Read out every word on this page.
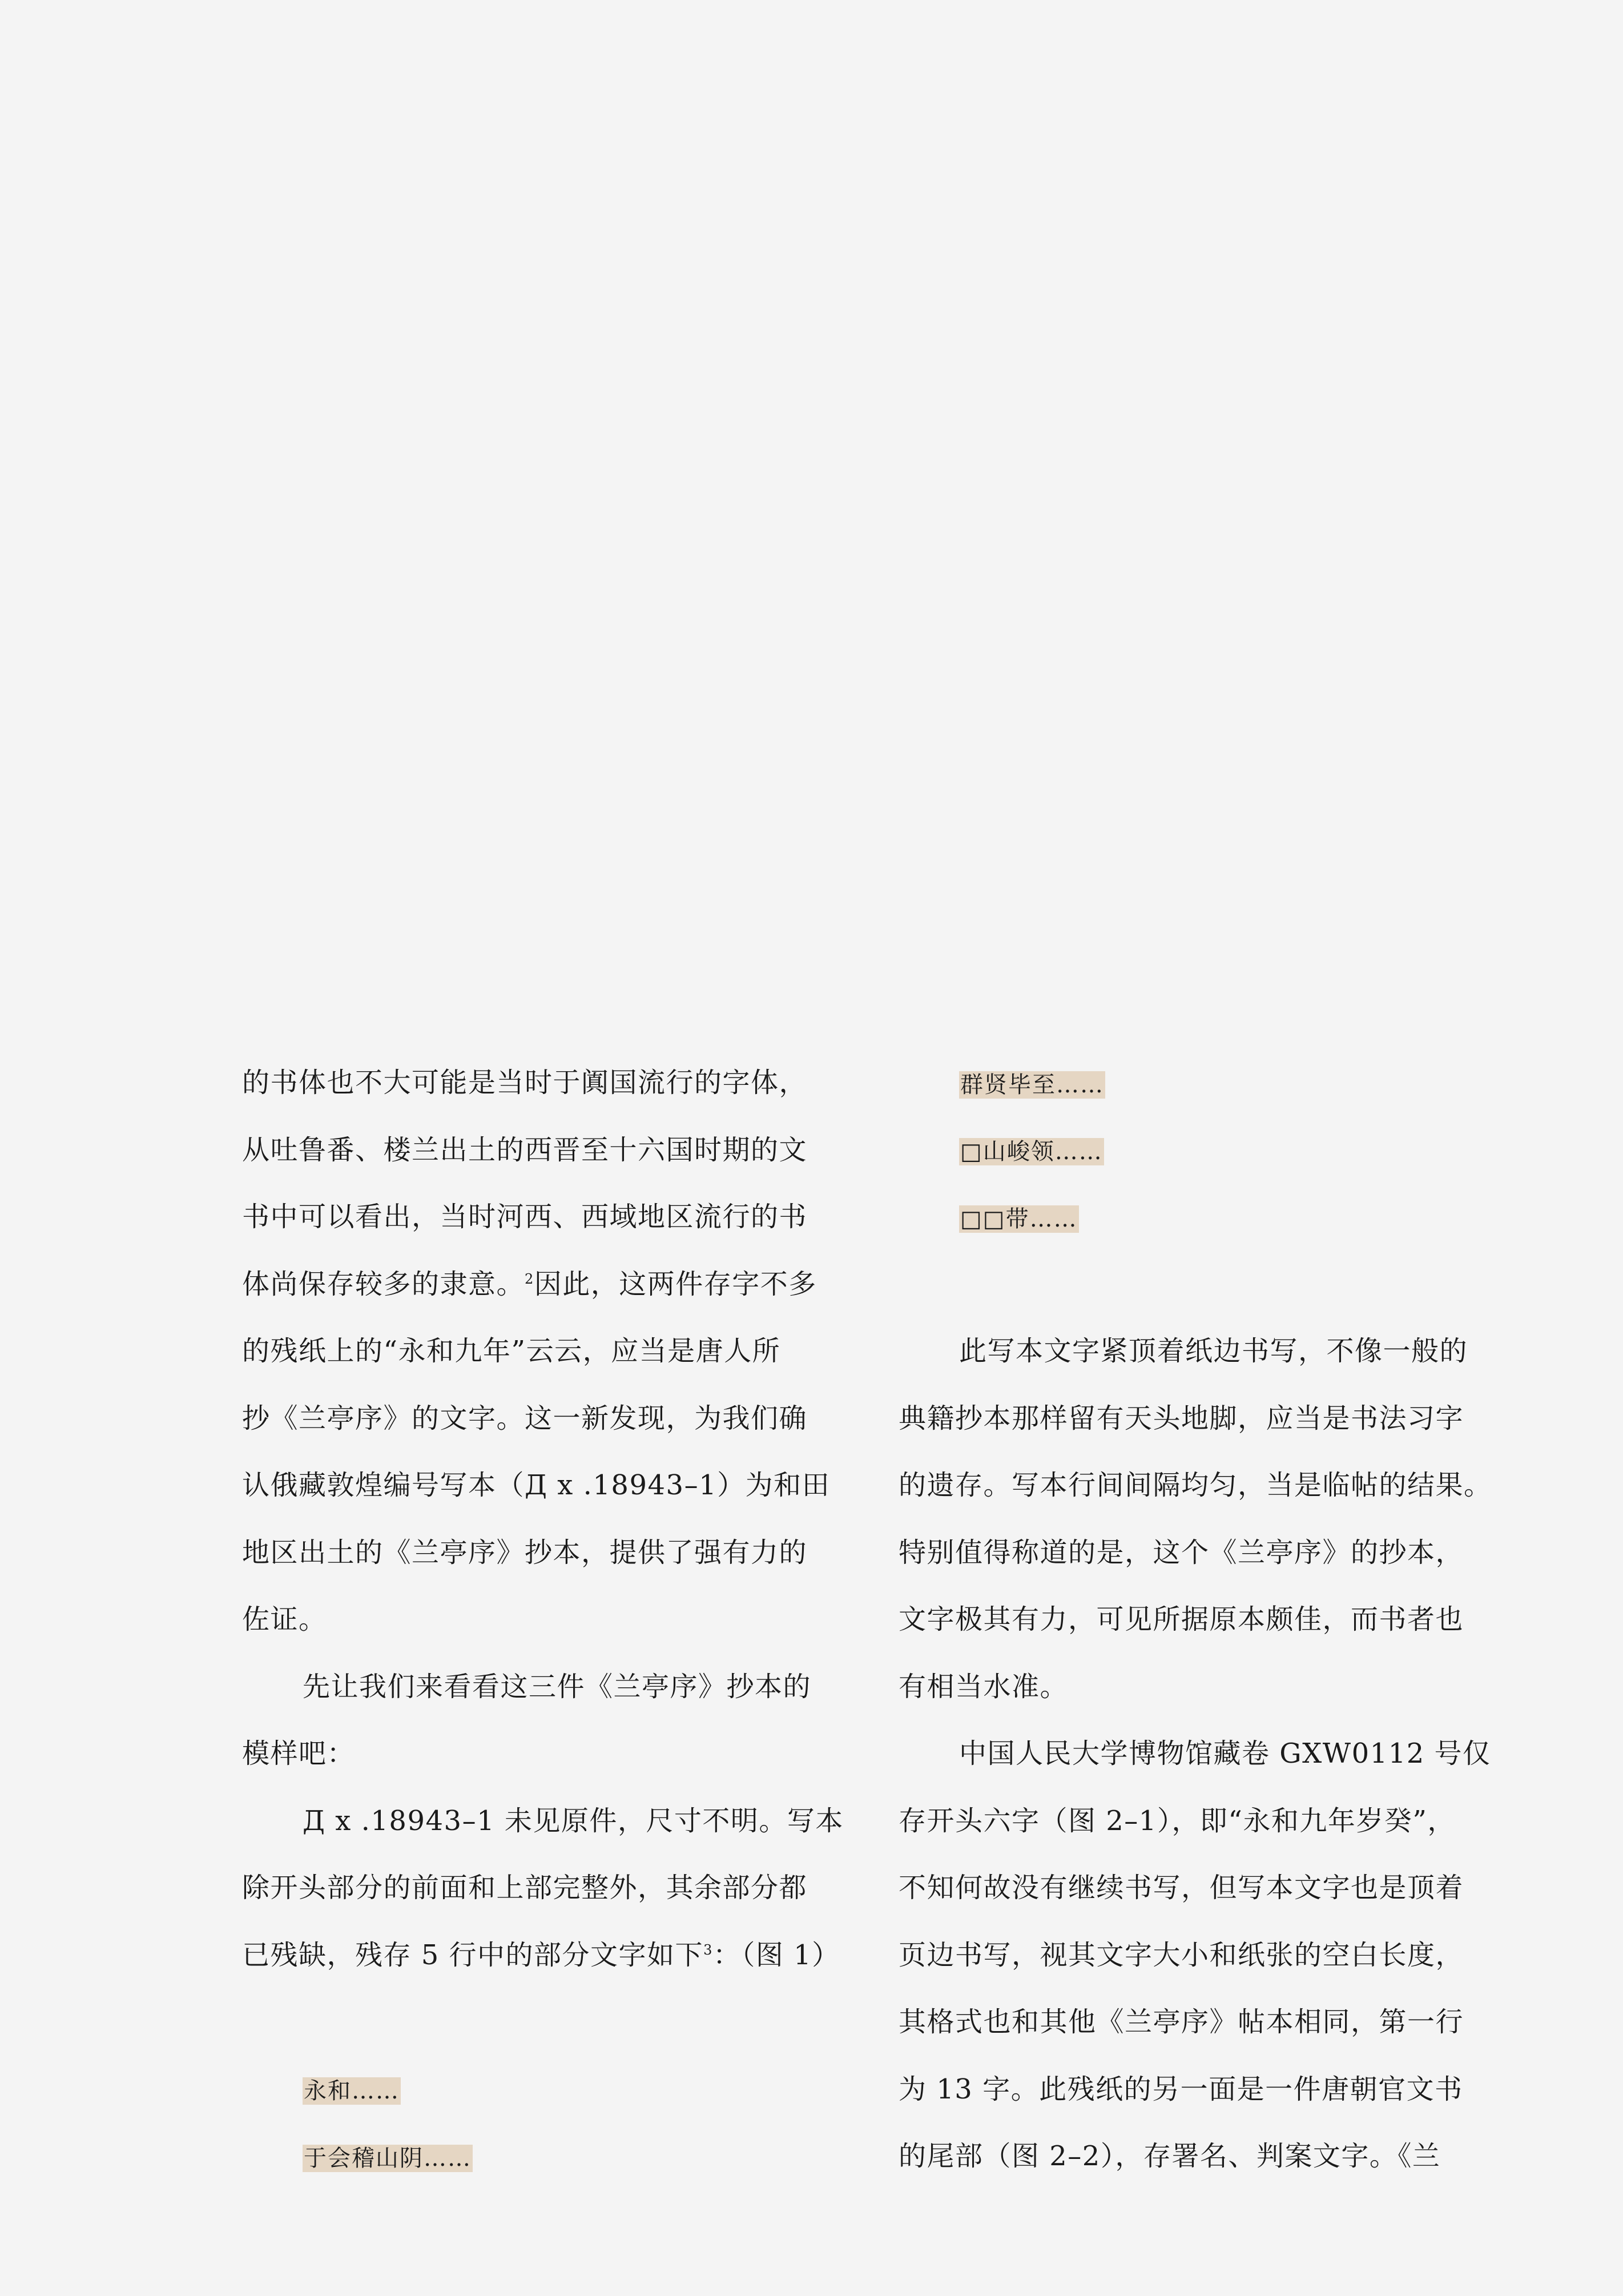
的书体也不大可能是当时于阗国流行的字体，
从吐鲁番、楼兰出土的西晋至十六国时期的文
书中可以看出，当时河西、西域地区流行的书
体尚保存较多的隶意。$^2$因此，这两件存字不多
的残纸上的“永和九年”云云，应当是唐人所
抄《兰亭序》的文字。这一新发现，为我们确
认俄藏敦煌编号写本（Д x .18943–1）为和田
地区出土的《兰亭序》抄本，提供了强有力的
佐证。
先让我们来看看这三件《兰亭序》抄本的
模样吧：
Д x .18943–1 未见原件，尺寸不明。写本
除开头部分的前面和上部完整外，其余部分都
已残缺，残存 5 行中的部分文字如下$^3$：（图 1）
永和……
于会稽山阴……
群贤毕至……
□山峻领……
□□带……
此写本文字紧顶着纸边书写，不像一般的
典籍抄本那样留有天头地脚，应当是书法习字
的遗存。写本行间间隔均匀，当是临帖的结果。
特别值得称道的是，这个《兰亭序》的抄本，
文字极其有力，可见所据原本颇佳，而书者也
有相当水准。
中国人民大学博物馆藏卷 GXW0112 号仅
存开头六字（图 2–1），即“永和九年岁癸”，
不知何故没有继续书写，但写本文字也是顶着
页边书写，视其文字大小和纸张的空白长度，
其格式也和其他《兰亭序》帖本相同，第一行
为 13 字。此残纸的另一面是一件唐朝官文书
的尾部（图 2–2），存署名、判案文字。《兰
